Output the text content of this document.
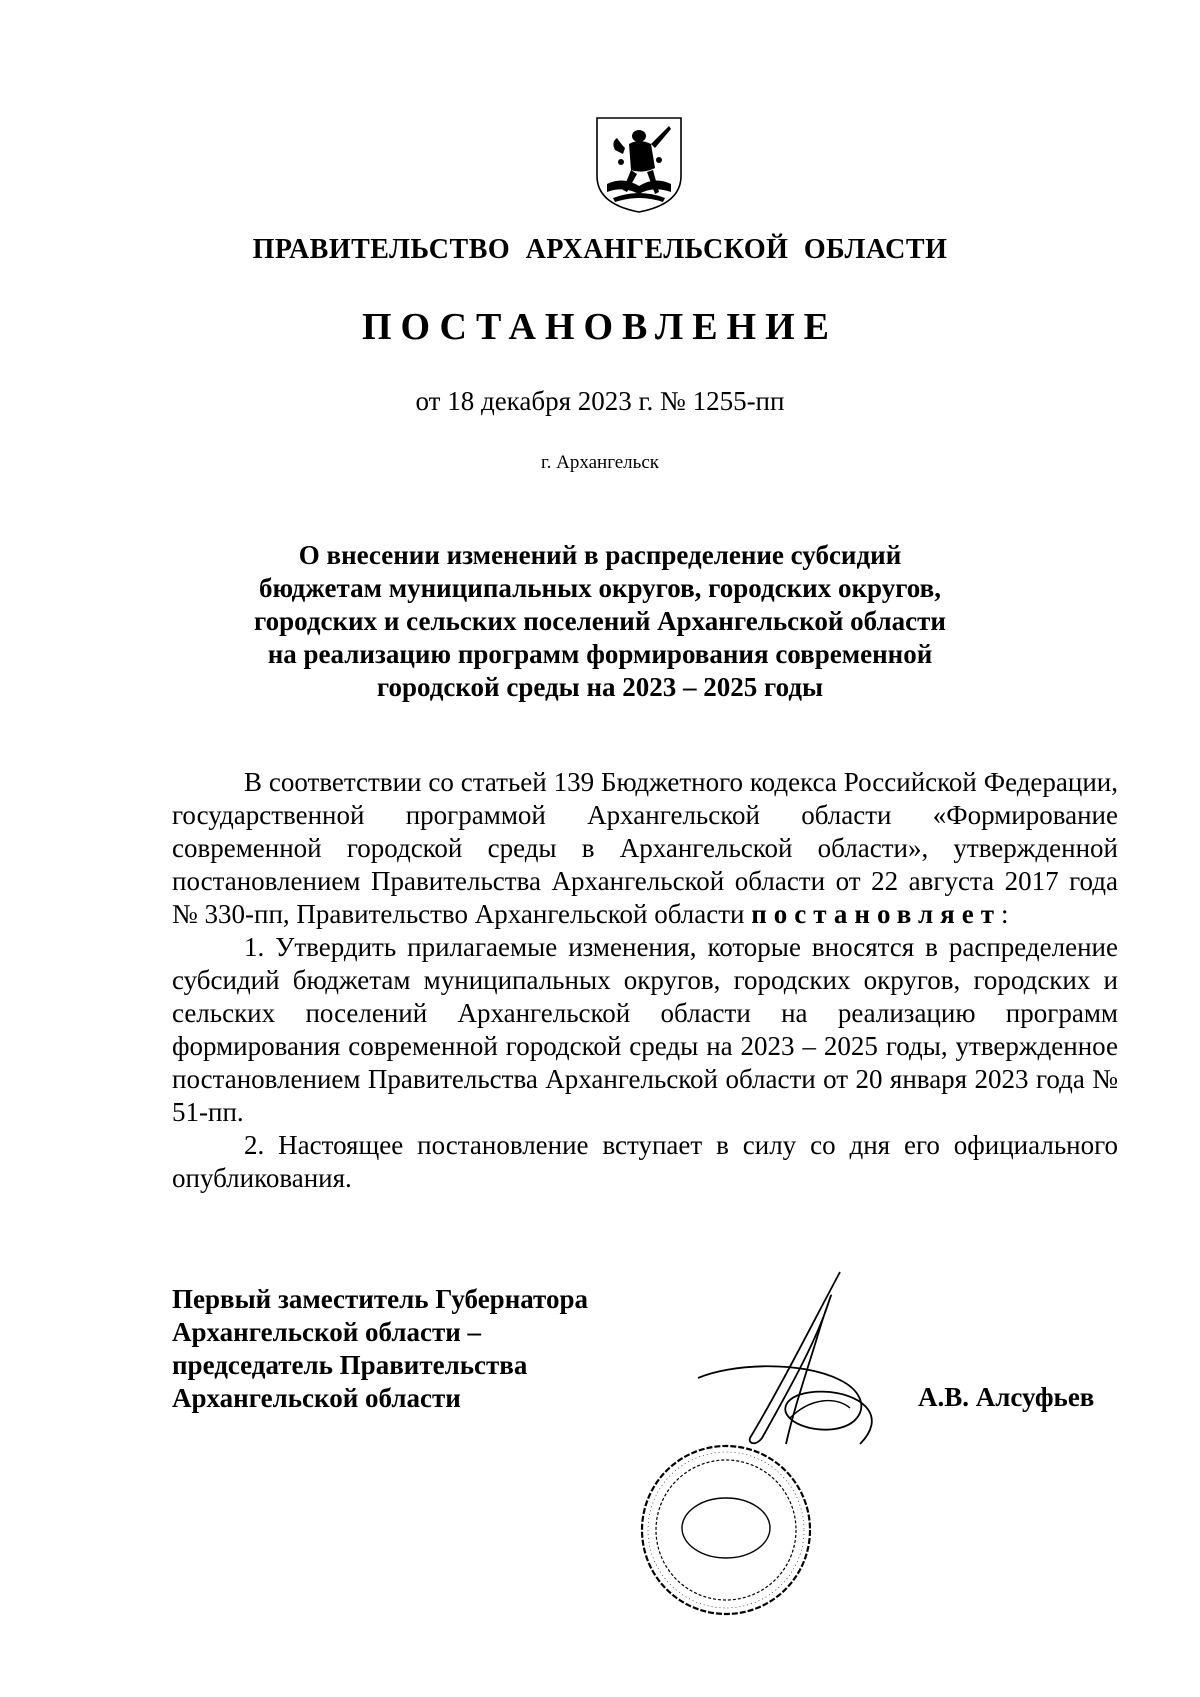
ПРАВИТЕЛЬСТВО АРХАНГЕЛЬСКОЙ ОБЛАСТИ
ПОСТАНОВЛЕНИЕ
от 18 декабря 2023 г. № 1255-пп
г. Архангельск
О внесении изменений в распределение субсидий
бюджетам муниципальных округов, городских округов,
городских и сельских поселений Архангельской области
на реализацию программ формирования современной
городской среды на 2023 – 2025 годы

В соответствии со статьей 139 Бюджетного кодекса Российской Федерации, государственной программой Архангельской области «Формирование современной городской среды в Архангельской области», утвержденной постановлением Правительства Архангельской области от 22 августа 2017 года № 330-пп, Правительство Архангельской области постановляет:

1. Утвердить прилагаемые изменения, которые вносятся в распределение субсидий бюджетам муниципальных округов, городских округов, городских и сельских поселений Архангельской области на реализацию программ формирования современной городской среды на 2023 – 2025 годы, утвержденное постановлением Правительства Архангельской области от 20 января 2023 года № 51-пп.

2. Настоящее постановление вступает в силу со дня его официального опубликования.

Первый заместитель Губернатора
Архангельской области –
председатель Правительства
Архангельской области	А.В. Алсуфьев
